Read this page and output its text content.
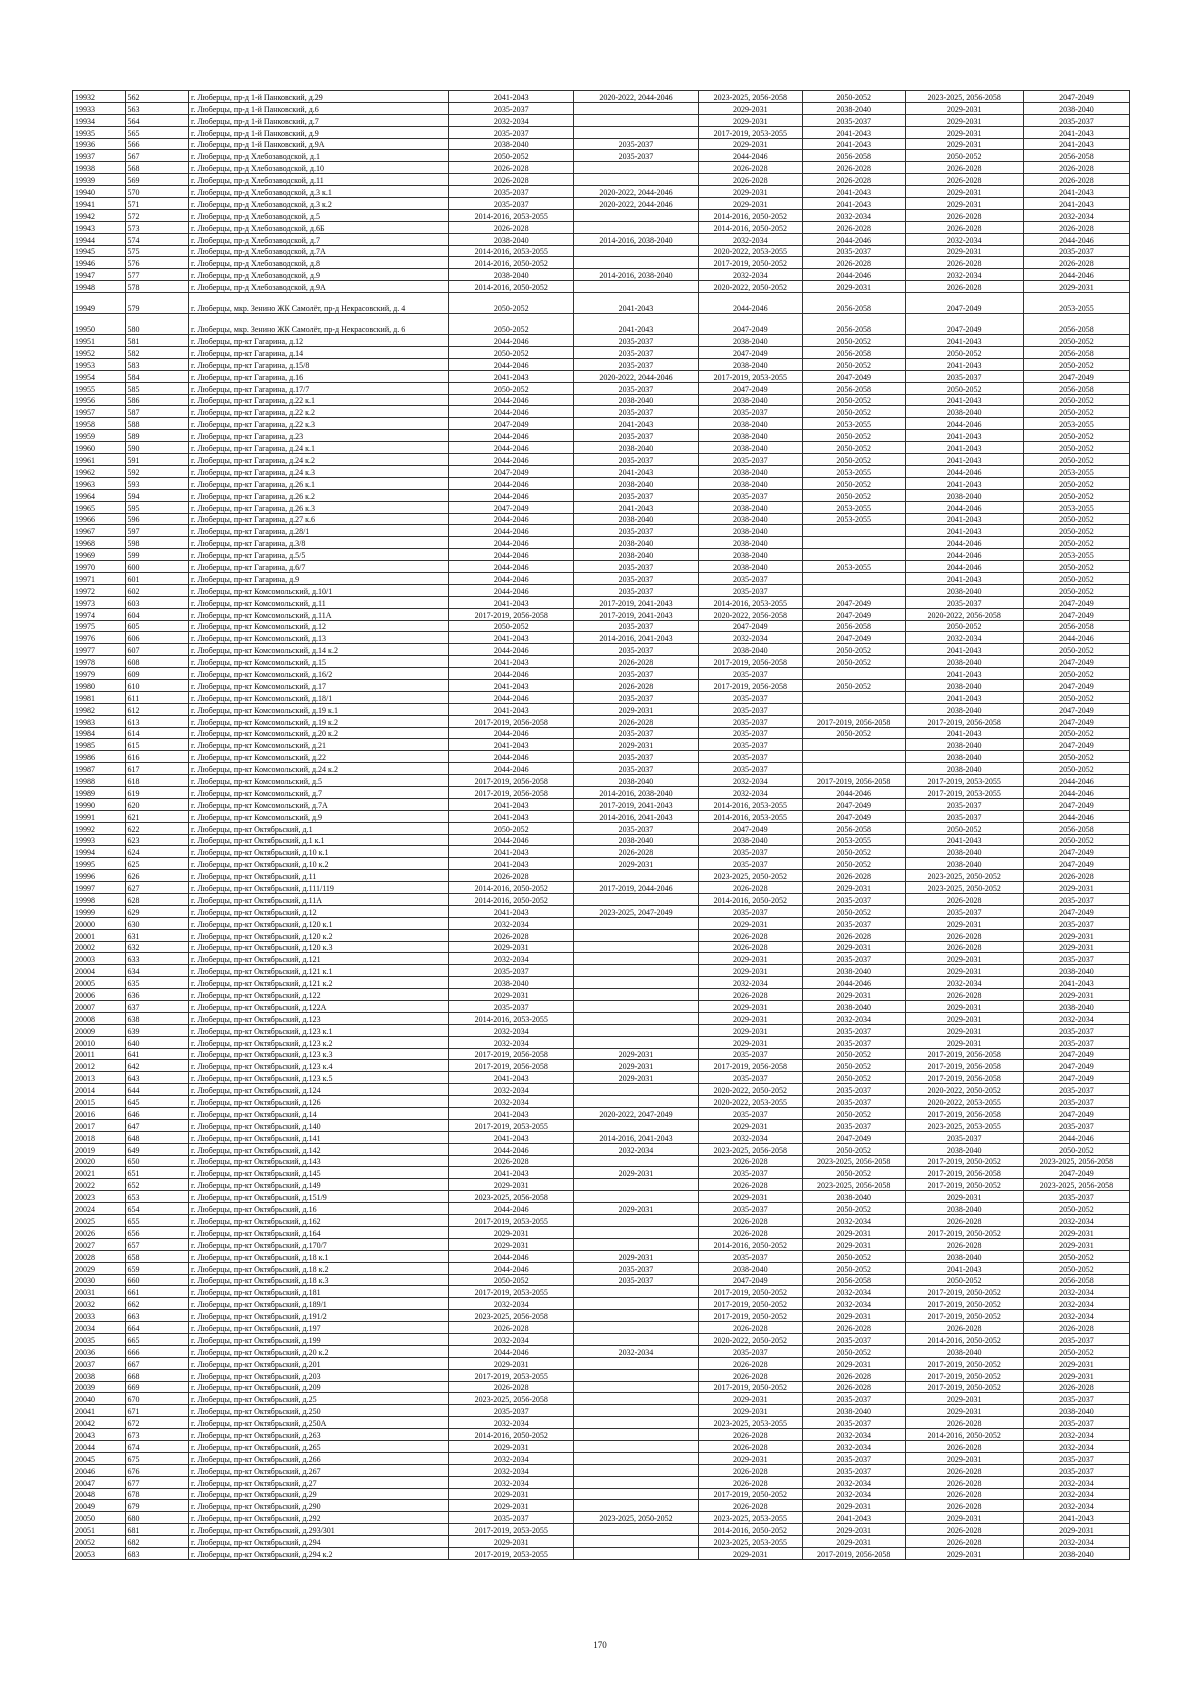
19932	562	г. Люберцы, пр-д 1-й Панковский, д.29	2041-2043	2020-2022, 2044-2046	2023-2025, 2056-2058	2050-2052	2023-2025, 2056-2058	2047-2049
19933	563	г. Люберцы, пр-д 1-й Панковский, д.6	2035-2037		2029-2031	2038-2040	2029-2031	2038-2040
19934	564	г. Люберцы, пр-д 1-й Панковский, д.7	2032-2034		2029-2031	2035-2037	2029-2031	2035-2037
19935	565	г. Люберцы, пр-д 1-й Панковский, д.9	2035-2037		2017-2019, 2053-2055	2041-2043	2029-2031	2041-2043
19936	566	г. Люберцы, пр-д 1-й Панковский, д.9А	2038-2040	2035-2037	2029-2031	2041-2043	2029-2031	2041-2043
19937	567	г. Люберцы, пр-д Хлебозаводской, д.1	2050-2052	2035-2037	2044-2046	2056-2058	2050-2052	2056-2058
19938	568	г. Люберцы, пр-д Хлебозаводской, д.10	2026-2028		2026-2028	2026-2028	2026-2028	2026-2028
19939	569	г. Люберцы, пр-д Хлебозаводской, д.11	2026-2028		2026-2028	2026-2028	2026-2028	2026-2028
19940	570	г. Люберцы, пр-д Хлебозаводской, д.3 к.1	2035-2037	2020-2022, 2044-2046	2029-2031	2041-2043	2029-2031	2041-2043
19941	571	г. Люберцы, пр-д Хлебозаводской, д.3 к.2	2035-2037	2020-2022, 2044-2046	2029-2031	2041-2043	2029-2031	2041-2043
19942	572	г. Люберцы, пр-д Хлебозаводской, д.5	2014-2016, 2053-2055		2014-2016, 2050-2052	2032-2034	2026-2028	2032-2034
19943	573	г. Люберцы, пр-д Хлебозаводской, д.6Б	2026-2028		2014-2016, 2050-2052	2026-2028	2026-2028	2026-2028
19944	574	г. Люберцы, пр-д Хлебозаводской, д.7	2038-2040	2014-2016, 2038-2040	2032-2034	2044-2046	2032-2034	2044-2046
19945	575	г. Люберцы, пр-д Хлебозаводской, д.7А	2014-2016, 2053-2055		2020-2022, 2053-2055	2035-2037	2029-2031	2035-2037
19946	576	г. Люберцы, пр-д Хлебозаводской, д.8	2014-2016, 2050-2052		2017-2019, 2050-2052	2026-2028	2026-2028	2026-2028
19947	577	г. Люберцы, пр-д Хлебозаводской, д.9	2038-2040	2014-2016, 2038-2040	2032-2034	2044-2046	2032-2034	2044-2046
19948	578	г. Люберцы, пр-д Хлебозаводской, д.9А	2014-2016, 2050-2052		2020-2022, 2050-2052	2029-2031	2026-2028	2029-2031
19949	579	г. Люберцы, мкр. Зенино ЖК Самолёт, пр-д Некрасовский, д. 4	2050-2052	2041-2043	2044-2046	2056-2058	2047-2049	2053-2055
19950	580	г. Люберцы, мкр. Зенино ЖК Самолёт, пр-д Некрасовский, д. 6	2050-2052	2041-2043	2047-2049	2056-2058	2047-2049	2056-2058
19951	581	г. Люберцы, пр-кт Гагарина, д.12	2044-2046	2035-2037	2038-2040	2050-2052	2041-2043	2050-2052
19952	582	г. Люберцы, пр-кт Гагарина, д.14	2050-2052	2035-2037	2047-2049	2056-2058	2050-2052	2056-2058
19953	583	г. Люберцы, пр-кт Гагарина, д.15/8	2044-2046	2035-2037	2038-2040	2050-2052	2041-2043	2050-2052
19954	584	г. Люберцы, пр-кт Гагарина, д.16	2041-2043	2020-2022, 2044-2046	2017-2019, 2053-2055	2047-2049	2035-2037	2047-2049
19955	585	г. Люберцы, пр-кт Гагарина, д.17/7	2050-2052	2035-2037	2047-2049	2056-2058	2050-2052	2056-2058
19956	586	г. Люберцы, пр-кт Гагарина, д.22 к.1	2044-2046	2038-2040	2038-2040	2050-2052	2041-2043	2050-2052
19957	587	г. Люберцы, пр-кт Гагарина, д.22 к.2	2044-2046	2035-2037	2035-2037	2050-2052	2038-2040	2050-2052
19958	588	г. Люберцы, пр-кт Гагарина, д.22 к.3	2047-2049	2041-2043	2038-2040	2053-2055	2044-2046	2053-2055
19959	589	г. Люберцы, пр-кт Гагарина, д.23	2044-2046	2035-2037	2038-2040	2050-2052	2041-2043	2050-2052
19960	590	г. Люберцы, пр-кт Гагарина, д.24 к.1	2044-2046	2038-2040	2038-2040	2050-2052	2041-2043	2050-2052
19961	591	г. Люберцы, пр-кт Гагарина, д.24 к.2	2044-2046	2035-2037	2035-2037	2050-2052	2041-2043	2050-2052
19962	592	г. Люберцы, пр-кт Гагарина, д.24 к.3	2047-2049	2041-2043	2038-2040	2053-2055	2044-2046	2053-2055
19963	593	г. Люберцы, пр-кт Гагарина, д.26 к.1	2044-2046	2038-2040	2038-2040	2050-2052	2041-2043	2050-2052
19964	594	г. Люберцы, пр-кт Гагарина, д.26 к.2	2044-2046	2035-2037	2035-2037	2050-2052	2038-2040	2050-2052
19965	595	г. Люберцы, пр-кт Гагарина, д.26 к.3	2047-2049	2041-2043	2038-2040	2053-2055	2044-2046	2053-2055
19966	596	г. Люберцы, пр-кт Гагарина, д.27 к.6	2044-2046	2038-2040	2038-2040	2053-2055	2041-2043	2050-2052
19967	597	г. Люберцы, пр-кт Гагарина, д.28/1	2044-2046	2035-2037	2038-2040		2041-2043	2050-2052
19968	598	г. Люберцы, пр-кт Гагарина, д.3/8	2044-2046	2038-2040	2038-2040		2044-2046	2050-2052
19969	599	г. Люберцы, пр-кт Гагарина, д.5/5	2044-2046	2038-2040	2038-2040		2044-2046	2053-2055
19970	600	г. Люберцы, пр-кт Гагарина, д.6/7	2044-2046	2035-2037	2038-2040	2053-2055	2044-2046	2050-2052
19971	601	г. Люберцы, пр-кт Гагарина, д.9	2044-2046	2035-2037	2035-2037		2041-2043	2050-2052
19972	602	г. Люберцы, пр-кт Комсомольский, д.10/1	2044-2046	2035-2037	2035-2037		2038-2040	2050-2052
19973	603	г. Люберцы, пр-кт Комсомольский, д.11	2041-2043	2017-2019, 2041-2043	2014-2016, 2053-2055	2047-2049	2035-2037	2047-2049
19974	604	г. Люберцы, пр-кт Комсомольский, д.11А	2017-2019, 2056-2058	2017-2019, 2041-2043	2020-2022, 2056-2058	2047-2049	2020-2022, 2056-2058	2047-2049
19975	605	г. Люберцы, пр-кт Комсомольский, д.12	2050-2052	2035-2037	2047-2049	2056-2058	2050-2052	2056-2058
19976	606	г. Люберцы, пр-кт Комсомольский, д.13	2041-2043	2014-2016, 2041-2043	2032-2034	2047-2049	2032-2034	2044-2046
19977	607	г. Люберцы, пр-кт Комсомольский, д.14 к.2	2044-2046	2035-2037	2038-2040	2050-2052	2041-2043	2050-2052
19978	608	г. Люберцы, пр-кт Комсомольский, д.15	2041-2043	2026-2028	2017-2019, 2056-2058	2050-2052	2038-2040	2047-2049
19979	609	г. Люберцы, пр-кт Комсомольский, д.16/2	2044-2046	2035-2037	2035-2037		2041-2043	2050-2052
19980	610	г. Люберцы, пр-кт Комсомольский, д.17	2041-2043	2026-2028	2017-2019, 2056-2058	2050-2052	2038-2040	2047-2049
19981	611	г. Люберцы, пр-кт Комсомольский, д.18/1	2044-2046	2035-2037	2035-2037		2041-2043	2050-2052
19982	612	г. Люберцы, пр-кт Комсомольский, д.19 к.1	2041-2043	2029-2031	2035-2037		2038-2040	2047-2049
19983	613	г. Люберцы, пр-кт Комсомольский, д.19 к.2	2017-2019, 2056-2058	2026-2028	2035-2037	2017-2019, 2056-2058	2017-2019, 2056-2058	2047-2049
19984	614	г. Люберцы, пр-кт Комсомольский, д.20 к.2	2044-2046	2035-2037	2035-2037	2050-2052	2041-2043	2050-2052
19985	615	г. Люберцы, пр-кт Комсомольский, д.21	2041-2043	2029-2031	2035-2037		2038-2040	2047-2049
19986	616	г. Люберцы, пр-кт Комсомольский, д.22	2044-2046	2035-2037	2035-2037		2038-2040	2050-2052
19987	617	г. Люберцы, пр-кт Комсомольский, д.24 к.2	2044-2046	2035-2037	2035-2037		2038-2040	2050-2052
19988	618	г. Люберцы, пр-кт Комсомольский, д.5	2017-2019, 2056-2058	2038-2040	2032-2034	2017-2019, 2056-2058	2017-2019, 2053-2055	2044-2046
19989	619	г. Люберцы, пр-кт Комсомольский, д.7	2017-2019, 2056-2058	2014-2016, 2038-2040	2032-2034	2044-2046	2017-2019, 2053-2055	2044-2046
19990	620	г. Люберцы, пр-кт Комсомольский, д.7А	2041-2043	2017-2019, 2041-2043	2014-2016, 2053-2055	2047-2049	2035-2037	2047-2049
19991	621	г. Люберцы, пр-кт Комсомольский, д.9	2041-2043	2014-2016, 2041-2043	2014-2016, 2053-2055	2047-2049	2035-2037	2044-2046
19992	622	г. Люберцы, пр-кт Октябрьский, д.1	2050-2052	2035-2037	2047-2049	2056-2058	2050-2052	2056-2058
19993	623	г. Люберцы, пр-кт Октябрьский, д.1 к.1	2044-2046	2038-2040	2038-2040	2053-2055	2041-2043	2050-2052
19994	624	г. Люберцы, пр-кт Октябрьский, д.10 к.1	2041-2043	2026-2028	2035-2037	2050-2052	2038-2040	2047-2049
19995	625	г. Люберцы, пр-кт Октябрьский, д.10 к.2	2041-2043	2029-2031	2035-2037	2050-2052	2038-2040	2047-2049
19996	626	г. Люберцы, пр-кт Октябрьский, д.11	2026-2028		2023-2025, 2050-2052	2026-2028	2023-2025, 2050-2052	2026-2028
19997	627	г. Люберцы, пр-кт Октябрьский, д.111/119	2014-2016, 2050-2052	2017-2019, 2044-2046	2026-2028	2029-2031	2023-2025, 2050-2052	2029-2031
19998	628	г. Люберцы, пр-кт Октябрьский, д.11А	2014-2016, 2050-2052		2014-2016, 2050-2052	2035-2037	2026-2028	2035-2037
19999	629	г. Люберцы, пр-кт Октябрьский, д.12	2041-2043	2023-2025, 2047-2049	2035-2037	2050-2052	2035-2037	2047-2049
20000	630	г. Люберцы, пр-кт Октябрьский, д.120 к.1	2032-2034		2029-2031	2035-2037	2029-2031	2035-2037
20001	631	г. Люберцы, пр-кт Октябрьский, д.120 к.2	2026-2028		2026-2028	2026-2028	2026-2028	2029-2031
20002	632	г. Люберцы, пр-кт Октябрьский, д.120 к.3	2029-2031		2026-2028	2029-2031	2026-2028	2029-2031
20003	633	г. Люберцы, пр-кт Октябрьский, д.121	2032-2034		2029-2031	2035-2037	2029-2031	2035-2037
20004	634	г. Люберцы, пр-кт Октябрьский, д.121 к.1	2035-2037		2029-2031	2038-2040	2029-2031	2038-2040
20005	635	г. Люберцы, пр-кт Октябрьский, д.121 к.2	2038-2040		2032-2034	2044-2046	2032-2034	2041-2043
20006	636	г. Люберцы, пр-кт Октябрьский, д.122	2029-2031		2026-2028	2029-2031	2026-2028	2029-2031
20007	637	г. Люберцы, пр-кт Октябрьский, д.122А	2035-2037		2029-2031	2038-2040	2029-2031	2038-2040
20008	638	г. Люберцы, пр-кт Октябрьский, д.123	2014-2016, 2053-2055		2029-2031	2032-2034	2029-2031	2032-2034
20009	639	г. Люберцы, пр-кт Октябрьский, д.123 к.1	2032-2034		2029-2031	2035-2037	2029-2031	2035-2037
20010	640	г. Люберцы, пр-кт Октябрьский, д.123 к.2	2032-2034		2029-2031	2035-2037	2029-2031	2035-2037
20011	641	г. Люберцы, пр-кт Октябрьский, д.123 к.3	2017-2019, 2056-2058	2029-2031	2035-2037	2050-2052	2017-2019, 2056-2058	2047-2049
20012	642	г. Люберцы, пр-кт Октябрьский, д.123 к.4	2017-2019, 2056-2058	2029-2031	2017-2019, 2056-2058	2050-2052	2017-2019, 2056-2058	2047-2049
20013	643	г. Люберцы, пр-кт Октябрьский, д.123 к.5	2041-2043	2029-2031	2035-2037	2050-2052	2017-2019, 2056-2058	2047-2049
20014	644	г. Люберцы, пр-кт Октябрьский, д.124	2032-2034		2020-2022, 2050-2052	2035-2037	2020-2022, 2050-2052	2035-2037
20015	645	г. Люберцы, пр-кт Октябрьский, д.126	2032-2034		2020-2022, 2053-2055	2035-2037	2020-2022, 2053-2055	2035-2037
20016	646	г. Люберцы, пр-кт Октябрьский, д.14	2041-2043	2020-2022, 2047-2049	2035-2037	2050-2052	2017-2019, 2056-2058	2047-2049
20017	647	г. Люберцы, пр-кт Октябрьский, д.140	2017-2019, 2053-2055		2029-2031	2035-2037	2023-2025, 2053-2055	2035-2037
20018	648	г. Люберцы, пр-кт Октябрьский, д.141	2041-2043	2014-2016, 2041-2043	2032-2034	2047-2049	2035-2037	2044-2046
20019	649	г. Люберцы, пр-кт Октябрьский, д.142	2044-2046	2032-2034	2023-2025, 2056-2058	2050-2052	2038-2040	2050-2052
20020	650	г. Люберцы, пр-кт Октябрьский, д.143	2026-2028		2026-2028	2023-2025, 2056-2058	2017-2019, 2050-2052	2023-2025, 2056-2058
20021	651	г. Люберцы, пр-кт Октябрьский, д.145	2041-2043	2029-2031	2035-2037	2050-2052	2017-2019, 2056-2058	2047-2049
20022	652	г. Люберцы, пр-кт Октябрьский, д.149	2029-2031		2026-2028	2023-2025, 2056-2058	2017-2019, 2050-2052	2023-2025, 2056-2058
20023	653	г. Люберцы, пр-кт Октябрьский, д.151/9	2023-2025, 2056-2058		2029-2031	2038-2040	2029-2031	2035-2037
20024	654	г. Люберцы, пр-кт Октябрьский, д.16	2044-2046	2029-2031	2035-2037	2050-2052	2038-2040	2050-2052
20025	655	г. Люберцы, пр-кт Октябрьский, д.162	2017-2019, 2053-2055		2026-2028	2032-2034	2026-2028	2032-2034
20026	656	г. Люберцы, пр-кт Октябрьский, д.164	2029-2031		2026-2028	2029-2031	2017-2019, 2050-2052	2029-2031
20027	657	г. Люберцы, пр-кт Октябрьский, д.170/7	2029-2031		2014-2016, 2050-2052	2029-2031	2026-2028	2029-2031
20028	658	г. Люберцы, пр-кт Октябрьский, д.18 к.1	2044-2046	2029-2031	2035-2037	2050-2052	2038-2040	2050-2052
20029	659	г. Люберцы, пр-кт Октябрьский, д.18 к.2	2044-2046	2035-2037	2038-2040	2050-2052	2041-2043	2050-2052
20030	660	г. Люберцы, пр-кт Октябрьский, д.18 к.3	2050-2052	2035-2037	2047-2049	2056-2058	2050-2052	2056-2058
20031	661	г. Люберцы, пр-кт Октябрьский, д.181	2017-2019, 2053-2055		2017-2019, 2050-2052	2032-2034	2017-2019, 2050-2052	2032-2034
20032	662	г. Люберцы, пр-кт Октябрьский, д.189/1	2032-2034		2017-2019, 2050-2052	2032-2034	2017-2019, 2050-2052	2032-2034
20033	663	г. Люберцы, пр-кт Октябрьский, д.191/2	2023-2025, 2056-2058		2017-2019, 2050-2052	2029-2031	2017-2019, 2050-2052	2032-2034
20034	664	г. Люберцы, пр-кт Октябрьский, д.197	2026-2028		2026-2028	2026-2028	2026-2028	2026-2028
20035	665	г. Люберцы, пр-кт Октябрьский, д.199	2032-2034		2020-2022, 2050-2052	2035-2037	2014-2016, 2050-2052	2035-2037
20036	666	г. Люберцы, пр-кт Октябрьский, д.20 к.2	2044-2046	2032-2034	2035-2037	2050-2052	2038-2040	2050-2052
20037	667	г. Люберцы, пр-кт Октябрьский, д.201	2029-2031		2026-2028	2029-2031	2017-2019, 2050-2052	2029-2031
20038	668	г. Люберцы, пр-кт Октябрьский, д.203	2017-2019, 2053-2055		2026-2028	2026-2028	2017-2019, 2050-2052	2029-2031
20039	669	г. Люберцы, пр-кт Октябрьский, д.209	2026-2028		2017-2019, 2050-2052	2026-2028	2017-2019, 2050-2052	2026-2028
20040	670	г. Люберцы, пр-кт Октябрьский, д.25	2023-2025, 2056-2058		2029-2031	2035-2037	2029-2031	2035-2037
20041	671	г. Люберцы, пр-кт Октябрьский, д.250	2035-2037		2029-2031	2038-2040	2029-2031	2038-2040
20042	672	г. Люберцы, пр-кт Октябрьский, д.250А	2032-2034		2023-2025, 2053-2055	2035-2037	2026-2028	2035-2037
20043	673	г. Люберцы, пр-кт Октябрьский, д.263	2014-2016, 2050-2052		2026-2028	2032-2034	2014-2016, 2050-2052	2032-2034
20044	674	г. Люберцы, пр-кт Октябрьский, д.265	2029-2031		2026-2028	2032-2034	2026-2028	2032-2034
20045	675	г. Люберцы, пр-кт Октябрьский, д.266	2032-2034		2029-2031	2035-2037	2029-2031	2035-2037
20046	676	г. Люберцы, пр-кт Октябрьский, д.267	2032-2034		2026-2028	2035-2037	2026-2028	2035-2037
20047	677	г. Люберцы, пр-кт Октябрьский, д.27	2032-2034		2026-2028	2032-2034	2026-2028	2032-2034
20048	678	г. Люберцы, пр-кт Октябрьский, д.29	2029-2031		2017-2019, 2050-2052	2032-2034	2026-2028	2032-2034
20049	679	г. Люберцы, пр-кт Октябрьский, д.290	2029-2031		2026-2028	2029-2031	2026-2028	2032-2034
20050	680	г. Люберцы, пр-кт Октябрьский, д.292	2035-2037	2023-2025, 2050-2052	2023-2025, 2053-2055	2041-2043	2029-2031	2041-2043
20051	681	г. Люберцы, пр-кт Октябрьский, д.293/301	2017-2019, 2053-2055		2014-2016, 2050-2052	2029-2031	2026-2028	2029-2031
20052	682	г. Люберцы, пр-кт Октябрьский, д.294	2029-2031		2023-2025, 2053-2055	2029-2031	2026-2028	2032-2034
20053	683	г. Люберцы, пр-кт Октябрьский, д.294 к.2	2017-2019, 2053-2055		2029-2031	2017-2019, 2056-2058	2029-2031	2038-2040
170
